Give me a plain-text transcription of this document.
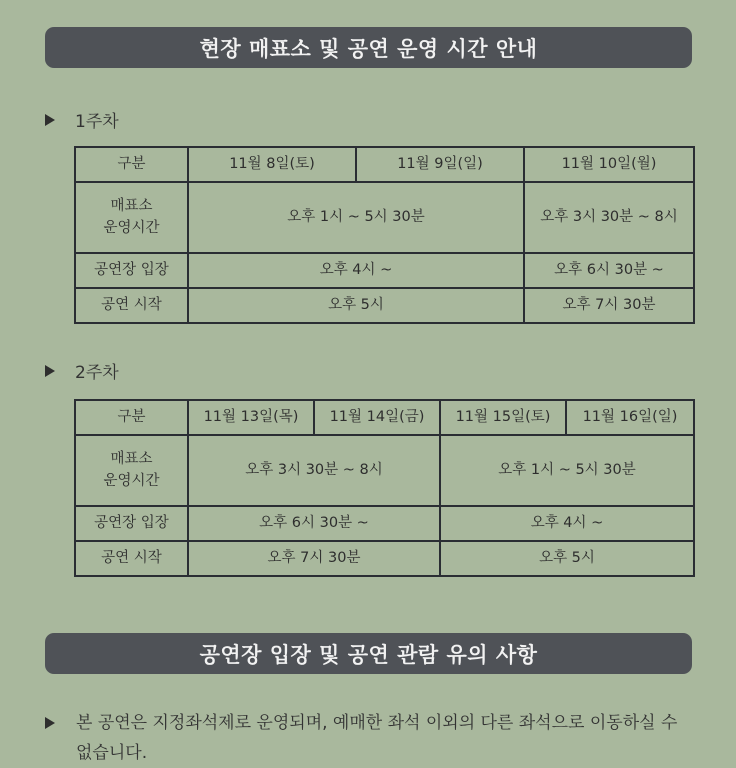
현장 매표소 및 공연 운영 시간 안내
1주차
구분	11월 8일(토)	11월 9일(일)	11월 10일(월)
매표소
운영시간	오후 1시 ~ 5시 30분		오후 3시 30분 ~ 8시
공연장 입장	오후 4시 ~		오후 6시 30분 ~
공연 시작	오후 5시		오후 7시 30분
2주차
구분	11월 13일(목)	11월 14일(금)	11월 15일(토)	11월 16일(일)
매표소
운영시간	오후 3시 30분 ~ 8시		오후 1시 ~ 5시 30분	
공연장 입장	오후 6시 30분 ~		오후 4시 ~	
공연 시작	오후 7시 30분		오후 5시	
공연장 입장 및 공연 관람 유의 사항
본 공연은 지정좌석제로 운영되며, 예매한 좌석 이외의 다른 좌석으로 이동하실 수 없습니다.
